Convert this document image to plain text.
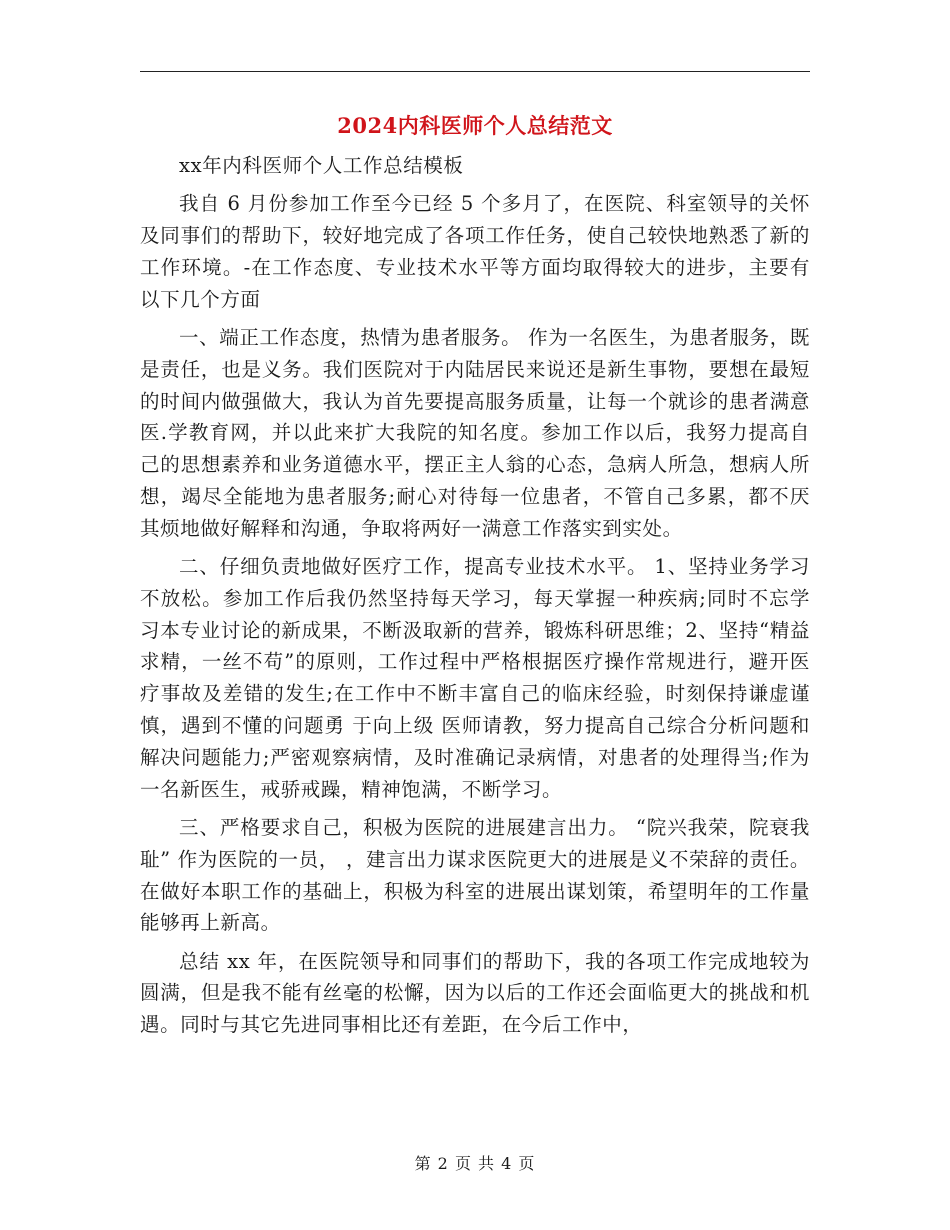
2024内科医师个人总结范文

xx年内科医师个人工作总结模板

我自 6 月份参加工作至今已经 5 个多月了，在医院、科室领导的关怀及同事们的帮助下，较好地完成了各项工作任务，使自己较快地熟悉了新的工作环境。-在工作态度、专业技术水平等方面均取得较大的进步，主要有以下几个方面

一、端正工作态度，热情为患者服务。 作为一名医生，为患者服务，既是责任，也是义务。我们医院对于内陆居民来说还是新生事物，要想在最短的时间内做强做大，我认为首先要提高服务质量，让每一个就诊的患者满意医.学教育网，并以此来扩大我院的知名度。参加工作以后，我努力提高自己的思想素养和业务道德水平，摆正主人翁的心态，急病人所急，想病人所想，竭尽全能地为患者服务;耐心对待每一位患者，不管自己多累，都不厌其烦地做好解释和沟通，争取将两好一满意工作落实到实处。

二、仔细负责地做好医疗工作，提高专业技术水平。 1、坚持业务学习不放松。参加工作后我仍然坚持每天学习，每天掌握一种疾病;同时不忘学习本专业讨论的新成果，不断汲取新的营养，锻炼科研思维；2、坚持“精益求精，一丝不苟”的原则，工作过程中严格根据医疗操作常规进行，避开医疗事故及差错的发生;在工作中不断丰富自己的临床经验，时刻保持谦虚谨慎，遇到不懂的问题勇 于向上级 医师请教，努力提高自己综合分析问题和解决问题能力;严密观察病情，及时准确记录病情，对患者的处理得当;作为一名新医生，戒骄戒躁，精神饱满，不断学习。

三、严格要求自己，积极为医院的进展建言出力。 “院兴我荣，院衰我耻” 作为医院的一员， ，建言出力谋求医院更大的进展是义不荣辞的责任。在做好本职工作的基础上，积极为科室的进展出谋划策，希望明年的工作量能够再上新高。

总结 xx 年，在医院领导和同事们的帮助下，我的各项工作完成地较为圆满，但是我不能有丝毫的松懈，因为以后的工作还会面临更大的挑战和机遇。同时与其它先进同事相比还有差距，在今后工作中，

第 2 页 共 4 页
